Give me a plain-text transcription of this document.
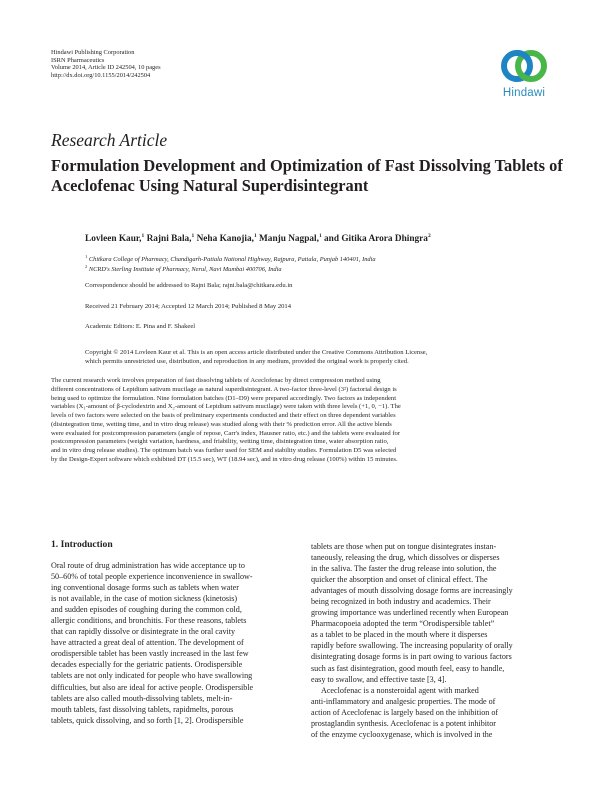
Hindawi Publishing Corporation
ISRN Pharmaceutics
Volume 2014, Article ID 242504, 10 pages
http://dx.doi.org/10.1155/2014/242504
Hindawi
Research Article
Formulation Development and Optimization of Fast Dissolving Tablets of Aceclofenac Using Natural Superdisintegrant
Lovleen Kaur,$^1$ Rajni Bala,$^1$ Neha Kanojia,$^1$ Manju Nagpal,$^1$ and Gitika Arora Dhingra$^2$
$^1$ Chitkara College of Pharmacy, Chandigarh-Patiala National Highway, Rajpura, Patiala, Punjab 140401, India
$^2$ NCRD's Sterling Institute of Pharmacy, Nerul, Navi Mumbai 400706, India
Correspondence should be addressed to Rajni Bala; rajni.bala@chitkara.edu.in
Received 21 February 2014; Accepted 12 March 2014; Published 8 May 2014
Academic Editors: E. Pina and F. Shakeel
Copyright © 2014 Lovleen Kaur et al. This is an open access article distributed under the Creative Commons Attribution License,
which permits unrestricted use, distribution, and reproduction in any medium, provided the original work is properly cited.
The current research work involves preparation of fast dissolving tablets of Aceclofenac by direct compression method using
different concentrations of Lepidium sativum mucilage as natural superdisintegrant. A two-factor three-level (3²) factorial design is
being used to optimize the formulation. Nine formulation batches (D1–D9) were prepared accordingly. Two factors as independent
variables (X₁-amount of β-cyclodextrin and X₂-amount of Lepidium sativum mucilage) were taken with three levels (+1, 0, −1). The
levels of two factors were selected on the basis of preliminary experiments conducted and their effect on three dependent variables
(disintegration time, wetting time, and in vitro drug release) was studied along with their % prediction error. All the active blends
were evaluated for postcompression parameters (angle of repose, Carr's index, Hausner ratio, etc.) and the tablets were evaluated for
postcompression parameters (weight variation, hardness, and friability, wetting time, disintegration time, water absorption ratio,
and in vitro drug release studies). The optimum batch was further used for SEM and stability studies. Formulation D5 was selected
by the Design-Expert software which exhibited DT (15.5 sec), WT (18.94 sec), and in vitro drug release (100%) within 15 minutes.
1. Introduction
Oral route of drug administration has wide acceptance up to
50–60% of total people experience inconvenience in swallow-
ing conventional dosage forms such as tablets when water
is not available, in the case of motion sickness (kinetosis)
and sudden episodes of coughing during the common cold,
allergic conditions, and bronchitis. For these reasons, tablets
that can rapidly dissolve or disintegrate in the oral cavity
have attracted a great deal of attention. The development of
orodispersible tablet has been vastly increased in the last few
decades especially for the geriatric patients. Orodispersible
tablets are not only indicated for people who have swallowing
difficulties, but also are ideal for active people. Orodispersible
tablets are also called mouth-dissolving tablets, melt-in-
mouth tablets, fast dissolving tablets, rapidmelts, porous
tablets, quick dissolving, and so forth [1, 2]. Orodispersible
tablets are those when put on tongue disintegrates instan-
taneously, releasing the drug, which dissolves or disperses
in the saliva. The faster the drug release into solution, the
quicker the absorption and onset of clinical effect. The
advantages of mouth dissolving dosage forms are increasingly
being recognized in both industry and academics. Their
growing importance was underlined recently when European
Pharmacopoeia adopted the term “Orodispersible tablet”
as a tablet to be placed in the mouth where it disperses
rapidly before swallowing. The increasing popularity of orally
disintegrating dosage forms is in part owing to various factors
such as fast disintegration, good mouth feel, easy to handle,
easy to swallow, and effective taste [3, 4].
Aceclofenac is a nonsteroidal agent with marked
anti-inflammatory and analgesic properties. The mode of
action of Aceclofenac is largely based on the inhibition of
prostaglandin synthesis. Aceclofenac is a potent inhibitor
of the enzyme cyclooxygenase, which is involved in the
